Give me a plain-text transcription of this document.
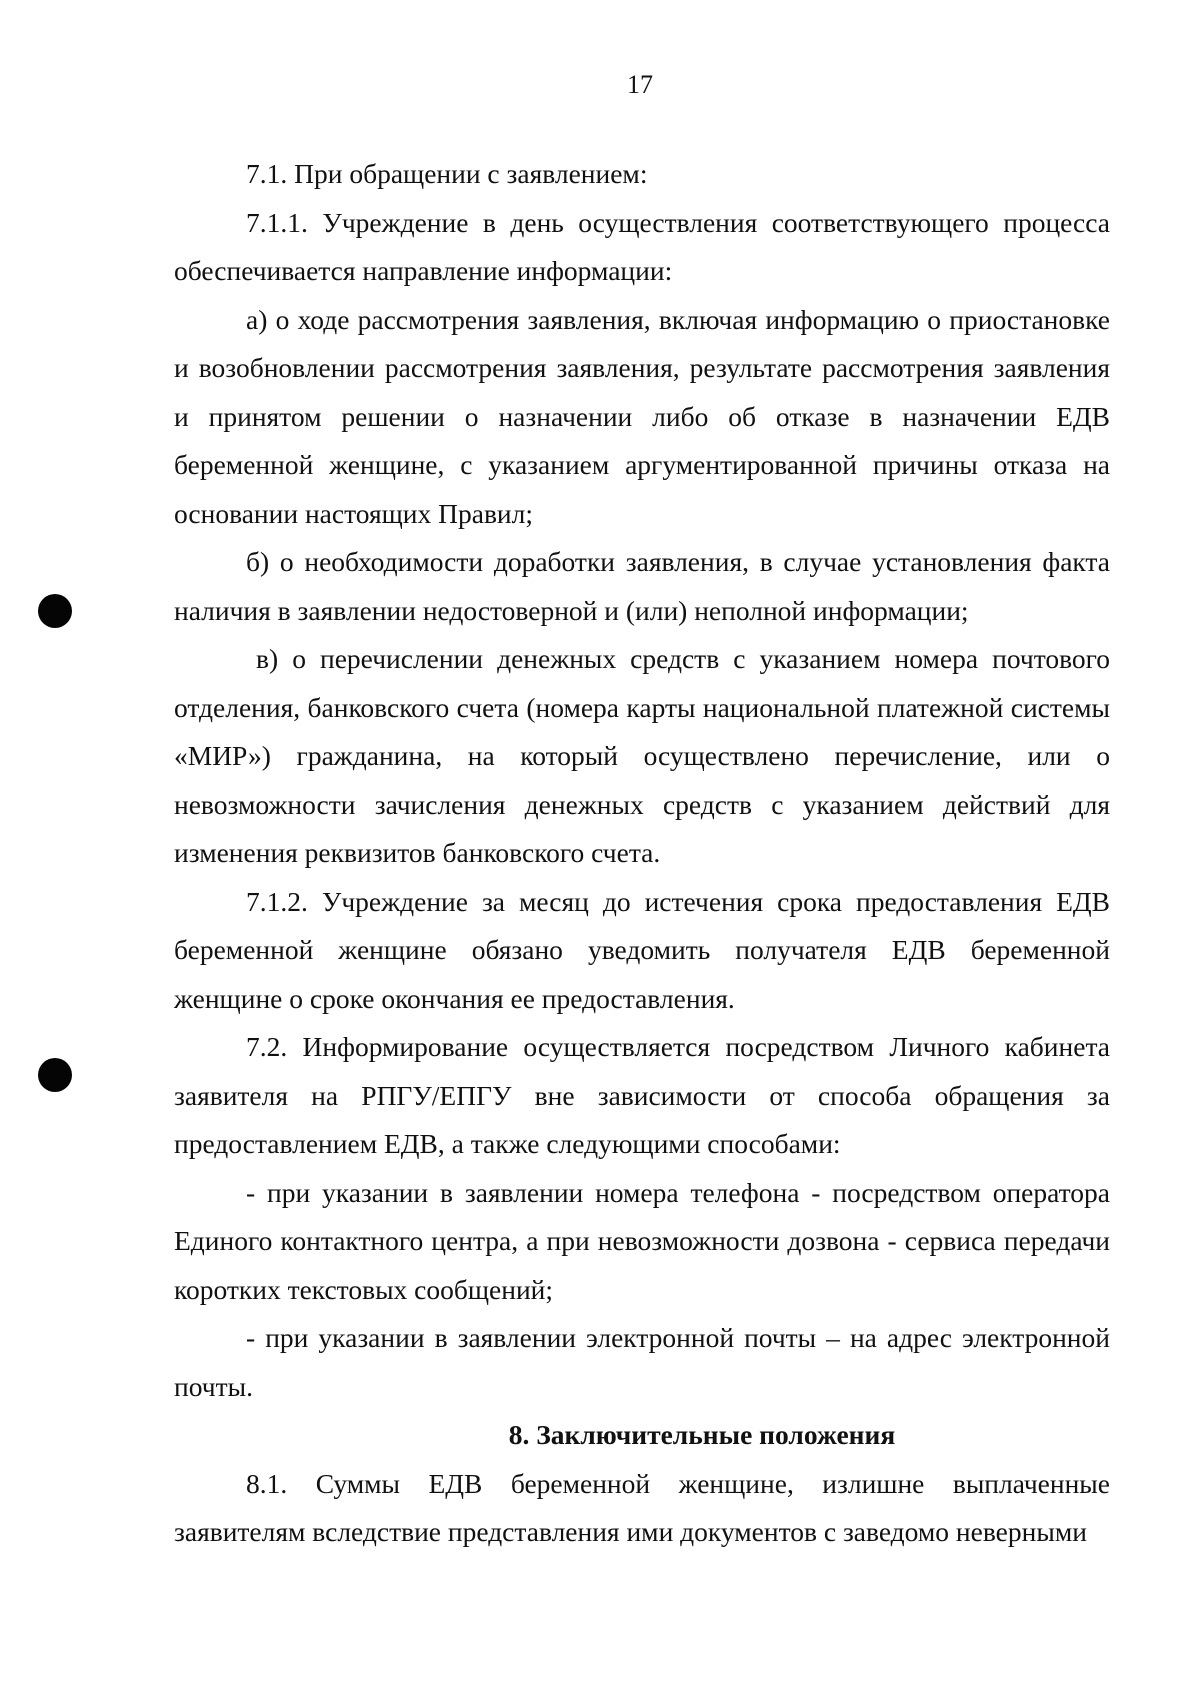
17

7.1. При обращении с заявлением:

7.1.1. Учреждение в день осуществления соответствующего процесса обеспечивается направление информации:

а) о ходе рассмотрения заявления, включая информацию о приостановке и возобновлении рассмотрения заявления, результате рассмотрения заявления и принятом решении о назначении либо об отказе в назначении ЕДВ беременной женщине, с указанием аргументированной причины отказа на основании настоящих Правил;

б) о необходимости доработки заявления, в случае установления факта наличия в заявлении недостоверной и (или) неполной информации;

в) о перечислении денежных средств с указанием номера почтового отделения, банковского счета (номера карты национальной платежной системы «МИР») гражданина, на который осуществлено перечисление, или о невозможности зачисления денежных средств с указанием действий для изменения реквизитов банковского счета.

7.1.2. Учреждение за месяц до истечения срока предоставления ЕДВ беременной женщине обязано уведомить получателя ЕДВ беременной женщине о сроке окончания ее предоставления.

7.2. Информирование осуществляется посредством Личного кабинета заявителя на РПГУ/ЕПГУ вне зависимости от способа обращения за предоставлением ЕДВ, а также следующими способами:

- при указании в заявлении номера телефона - посредством оператора Единого контактного центра, а при невозможности дозвона - сервиса передачи коротких текстовых сообщений;

- при указании в заявлении электронной почты – на адрес электронной почты.

8. Заключительные положения

8.1. Суммы ЕДВ беременной женщине, излишне выплаченные заявителям вследствие представления ими документов с заведомо неверными
